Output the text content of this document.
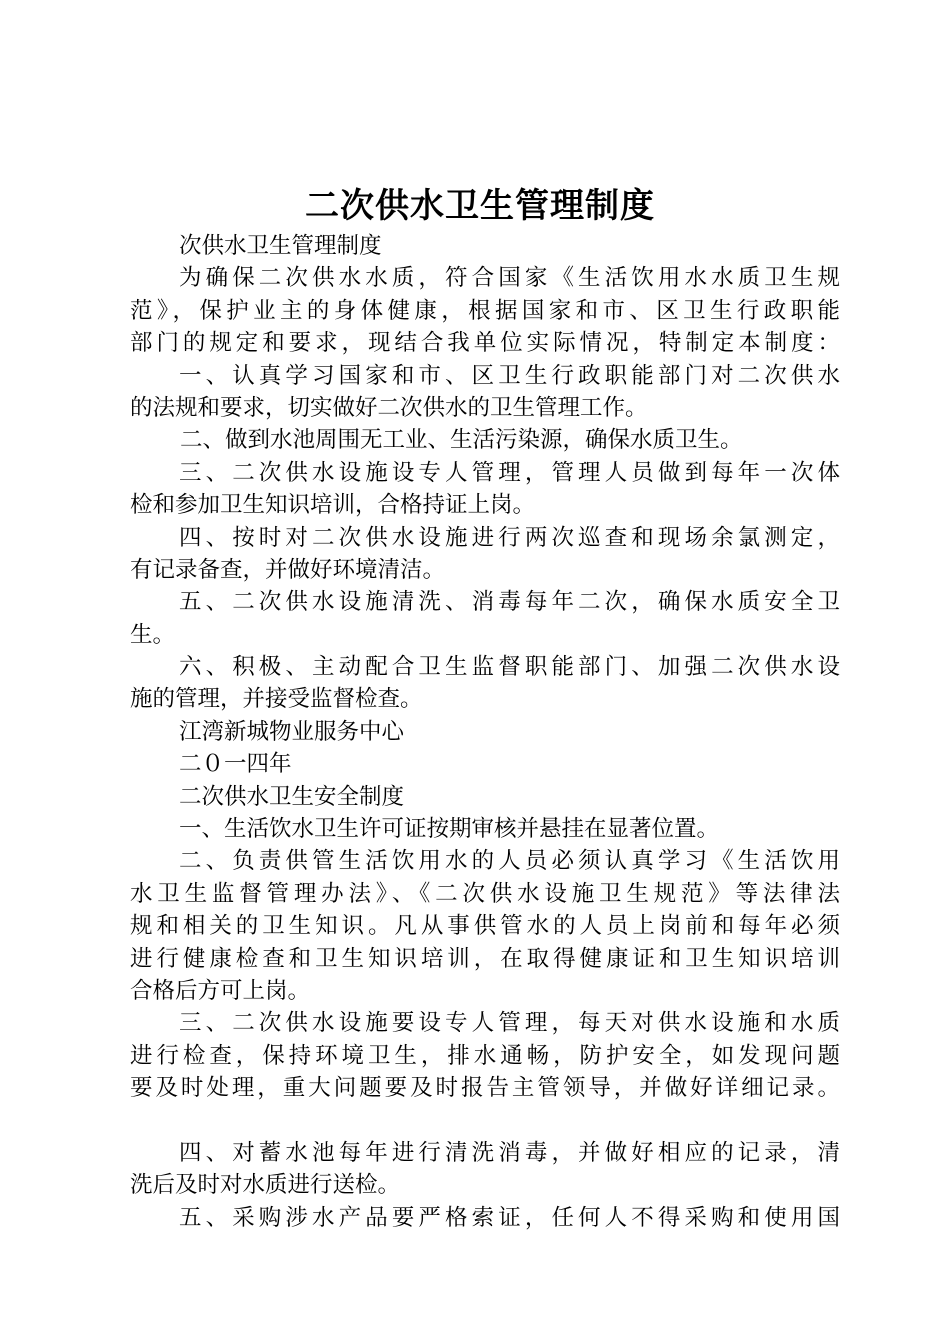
二次供水卫生管理制度
次供水卫生管理制度
为确保二次供水水质，符合国家《生活饮用水水质卫生规
范》，保护业主的身体健康，根据国家和市、区卫生行政职能
部门的规定和要求，现结合我单位实际情况，特制定本制度：
一、认真学习国家和市、区卫生行政职能部门对二次供水
的法规和要求，切实做好二次供水的卫生管理工作。
二、做到水池周围无工业、生活污染源，确保水质卫生。
三、二次供水设施设专人管理，管理人员做到每年一次体
检和参加卫生知识培训，合格持证上岗。
四、按时对二次供水设施进行两次巡查和现场余氯测定，
有记录备查，并做好环境清洁。
五、二次供水设施清洗、消毒每年二次，确保水质安全卫
生。
六、积极、主动配合卫生监督职能部门、加强二次供水设
施的管理，并接受监督检查。
江湾新城物业服务中心
二０一四年
二次供水卫生安全制度
一、生活饮水卫生许可证按期审核并悬挂在显著位置。
二、负责供管生活饮用水的人员必须认真学习《生活饮用
水卫生监督管理办法》、《二次供水设施卫生规范》等法律法
规和相关的卫生知识。凡从事供管水的人员上岗前和每年必须
进行健康检查和卫生知识培训，在取得健康证和卫生知识培训
合格后方可上岗。
三、二次供水设施要设专人管理，每天对供水设施和水质
进行检查，保持环境卫生，排水通畅，防护安全，如发现问题
要及时处理，重大问题要及时报告主管领导，并做好详细记录。
四、对蓄水池每年进行清洗消毒，并做好相应的记录，清
洗后及时对水质进行送检。
五、采购涉水产品要严格索证，任何人不得采购和使用国
